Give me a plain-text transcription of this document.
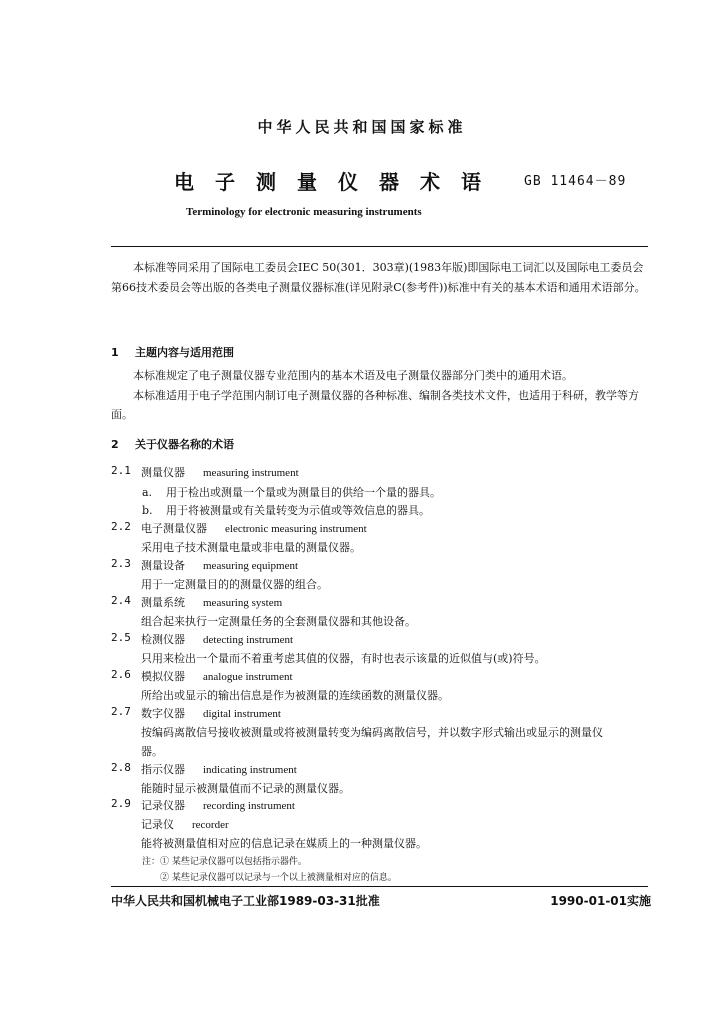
中华人民共和国国家标准
电子测量仪器术语 GB 11464－89
Terminology for electronic measuring instruments

本标准等同采用了国际电工委员会IEC 50(301．303章)(1983年版)即国际电工词汇以及国际电工委员会第66技术委员会等出版的各类电子测量仪器标准(详见附录C(参考件))标准中有关的基本术语和通用术语部分。

1 主题内容与适用范围

本标准规定了电子测量仪器专业范围内的基本术语及电子测量仪器部分门类中的通用术语。

本标准适用于电子学范围内制订电子测量仪器的各种标准、编制各类技术文件，也适用于科研，教学等方面。

2 关于仪器名称的术语
2.1 测量仪器 measuring instrument
a. 用于检出或测量一个量或为测量目的供给一个量的器具。
b. 用于将被测量或有关量转变为示值或等效信息的器具。
2.2 电子测量仪器 electronic measuring instrument
采用电子技术测量电量或非电量的测量仪器。
2.3 测量设备 measuring equipment
用于一定测量目的的测量仪器的组合。
2.4 测量系统 measuring system
组合起来执行一定测量任务的全套测量仪器和其他设备。
2.5 检测仪器 detecting instrument
只用来检出一个量而不着重考虑其值的仪器，有时也表示该量的近似值与(或)符号。
2.6 模拟仪器 analogue instrument
所给出或显示的输出信息是作为被测量的连续函数的测量仪器。
2.7 数字仪器 digital instrument
按编码离散信号接收被测量或将被测量转变为编码离散信号，并以数字形式输出或显示的测量仪
器。
2.8 指示仪器 indicating instrument
能随时显示被测量值而不记录的测量仪器。
2.9 记录仪器 recording instrument
记录仪 recorder
能将被测量值相对应的信息记录在媒质上的一种测量仪器。
注：① 某些记录仪器可以包括指示器件。
② 某些记录仪器可以记录与一个以上被测量相对应的信息。
中华人民共和国机械电子工业部1989-03-31批准	1990-01-01实施
